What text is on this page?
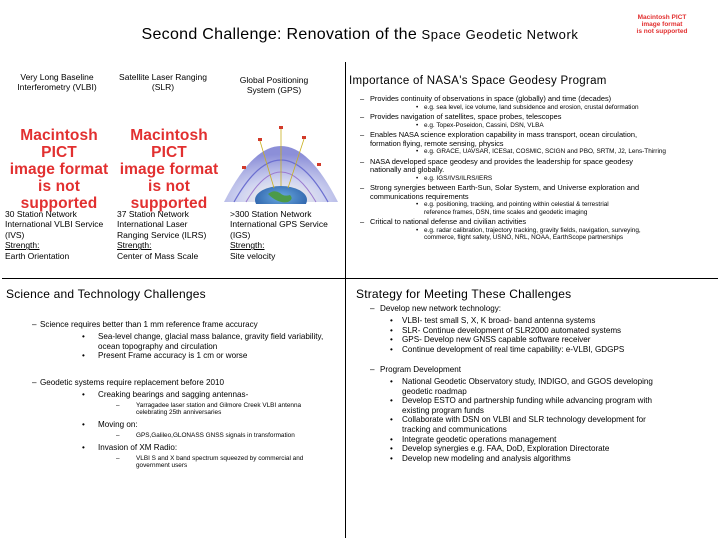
Second Challenge: Renovation of the Space Geodetic Network
Macintosh PICT
image format
is not supported
Very Long Baseline Interferometry (VLBI)
Satellite Laser Ranging (SLR)
Global Positioning System (GPS)
Macintosh PICT
image format
is not supported
Macintosh PICT
image format
is not supported
30 Station Network
International VLBI Service (IVS)
Strength:
Earth Orientation
37 Station Network
International Laser Ranging Service (ILRS)
Strength:
Center of Mass Scale
>300 Station Network
International GPS Service (IGS)
Strength:
Site velocity
Importance of NASA's Space Geodesy Program
– Provides continuity of observations in space (globally) and time (decades)
• e.g. sea level, ice volume, land subsidence and erosion, crustal deformation
– Provides navigation of satellites, space probes, telescopes
• e.g. Topex-Poseidon, Cassini, DSN, VLBA
– Enables NASA science exploration capability in mass transport, ocean circulation, formation flying, remote sensing, physics
• e.g. GRACE, UAVSAR, ICESat, COSMIC, SCIGN and PBO, SRTM, J2, Lens-Thirring
– NASA developed space geodesy and provides the leadership for space geodesy nationally and globally.
• e.g. IGS/IVS/ILRS/IERS
– Strong synergies between Earth-Sun, Solar System, and Universe exploration and communications requirements
• e.g. positioning, tracking, and pointing within celestial & terrestrial reference frames, DSN, time scales and geodetic imaging
– Critical to national defense and civilian activities
• e.g. radar calibration, trajectory tracking, gravity fields, navigation, surveying, commerce, flight safety, USNO, NRL, NOAA, EarthScope partnerships
Science and Technology Challenges
– Science requires better than 1 mm reference frame accuracy
• Sea-level change, glacial mass balance, gravity field variability, ocean topography and circulation
• Present Frame accuracy is 1 cm or worse
– Geodetic systems require replacement before 2010
• Creaking bearings and sagging antennas-
–	Yarragadee laser station and Gilmore Creek VLBI antenna celebrating 25th anniversaries
• Moving on:
–	GPS,Galileo,GLONASS GNSS signals in transformation
• Invasion of XM Radio:
–	VLBI S and X band spectrum squeezed by commercial and government users
Strategy for Meeting These Challenges
– Develop new network technology:
• VLBI- test small S, X, K broad- band antenna systems
• SLR- Continue development of SLR2000 automated systems
• GPS- Develop new GNSS capable software receiver
• Continue development of real time capability: e-VLBI, GDGPS
– Program Development
• National Geodetic Observatory study, INDIGO, and GGOS developing geodetic roadmap
• Develop ESTO and partnership funding while advancing program with existing program funds
• Collaborate with DSN on VLBI and SLR technology development for tracking and communications
• Integrate geodetic operations management
• Develop synergies e.g. FAA, DoD, Exploration Directorate
• Develop new modeling and analysis algorithms
